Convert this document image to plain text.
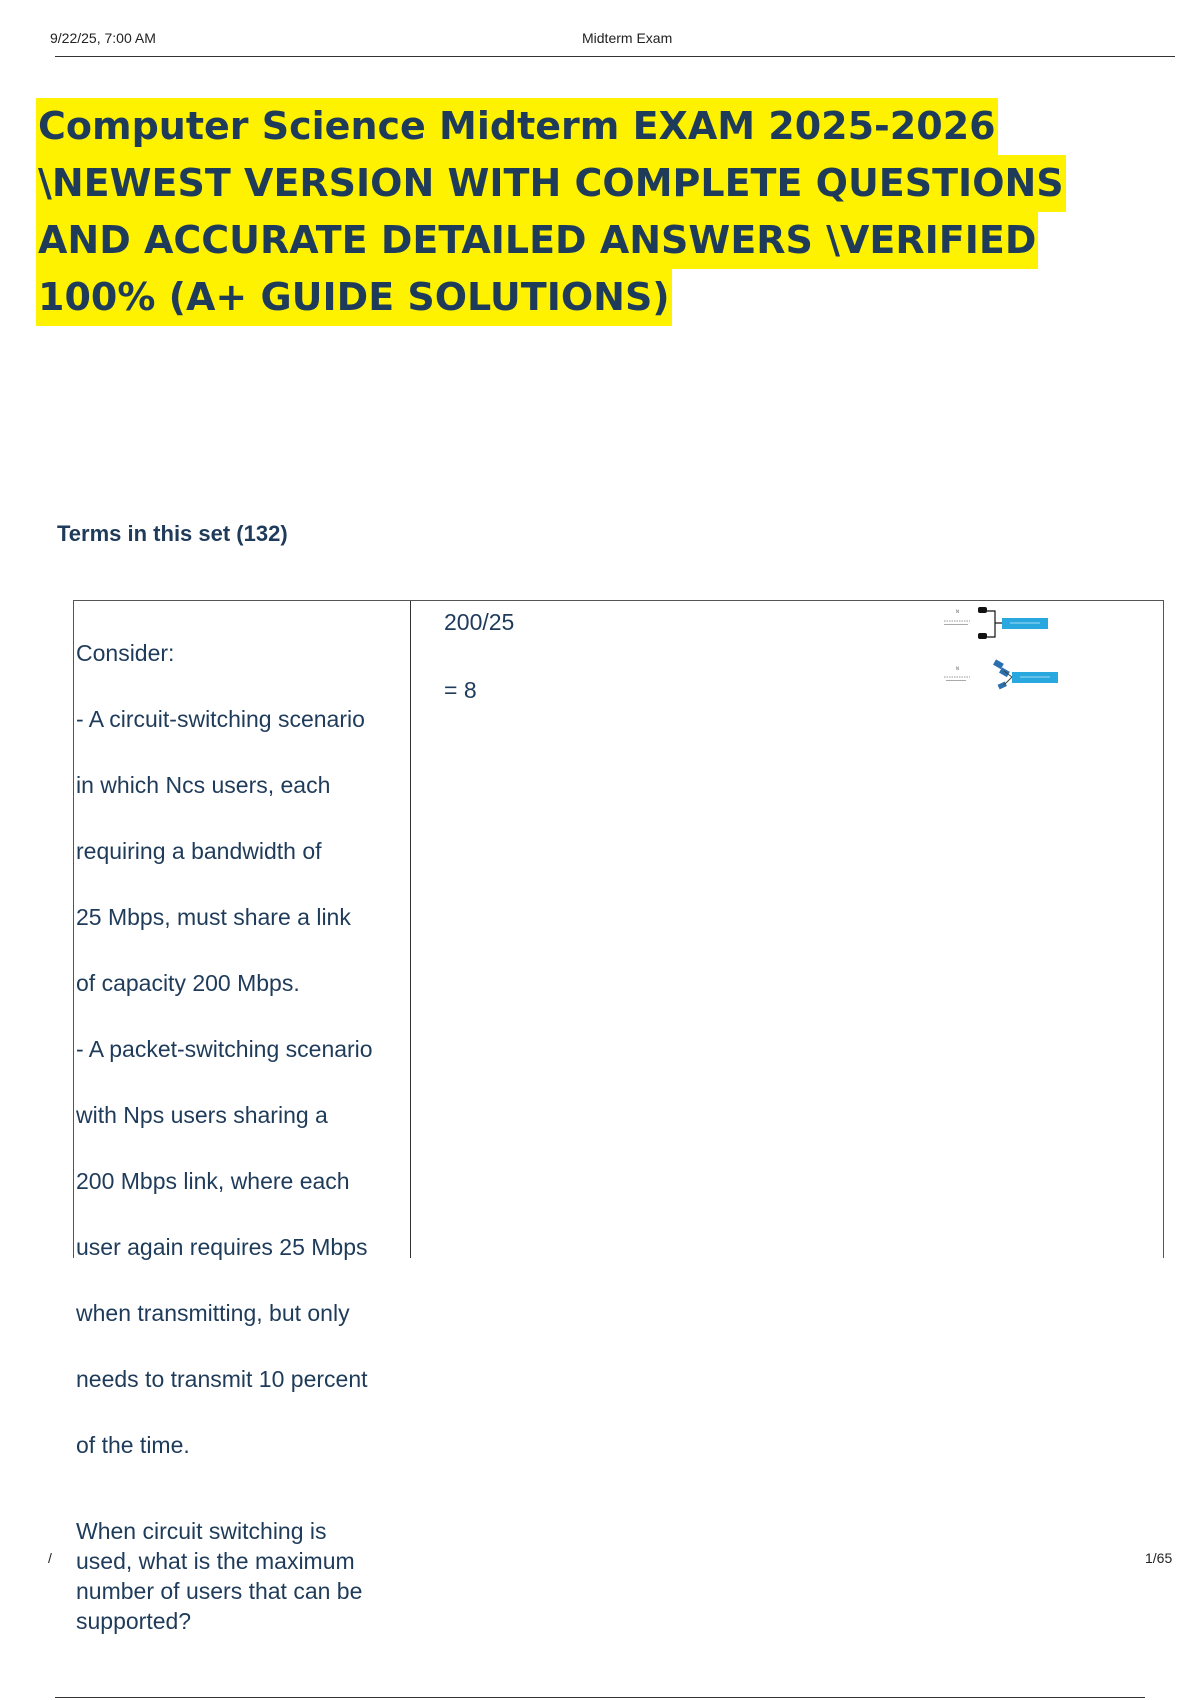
9/22/25, 7:00 AM	Midterm Exam
Computer Science Midterm EXAM 2025-2026
\NEWEST VERSION WITH COMPLETE QUESTIONS
AND ACCURATE DETAILED ANSWERS \VERIFIED
100% (A+ GUIDE SOLUTIONS)
Terms in this set (132)

Consider:

- A circuit-switching scenario

in which Ncs users, each

requiring a bandwidth of

25 Mbps, must share a link

of capacity 200 Mbps.

- A packet-switching scenario

with Nps users sharing a

200 Mbps link, where each

user again requires 25 Mbps

when transmitting, but only

needs to transmit 10 percent

of the time.

When circuit switching is
used, what is the maximum
number of users that can be
supported?
200/25
= 8
N
N
/	1/65
